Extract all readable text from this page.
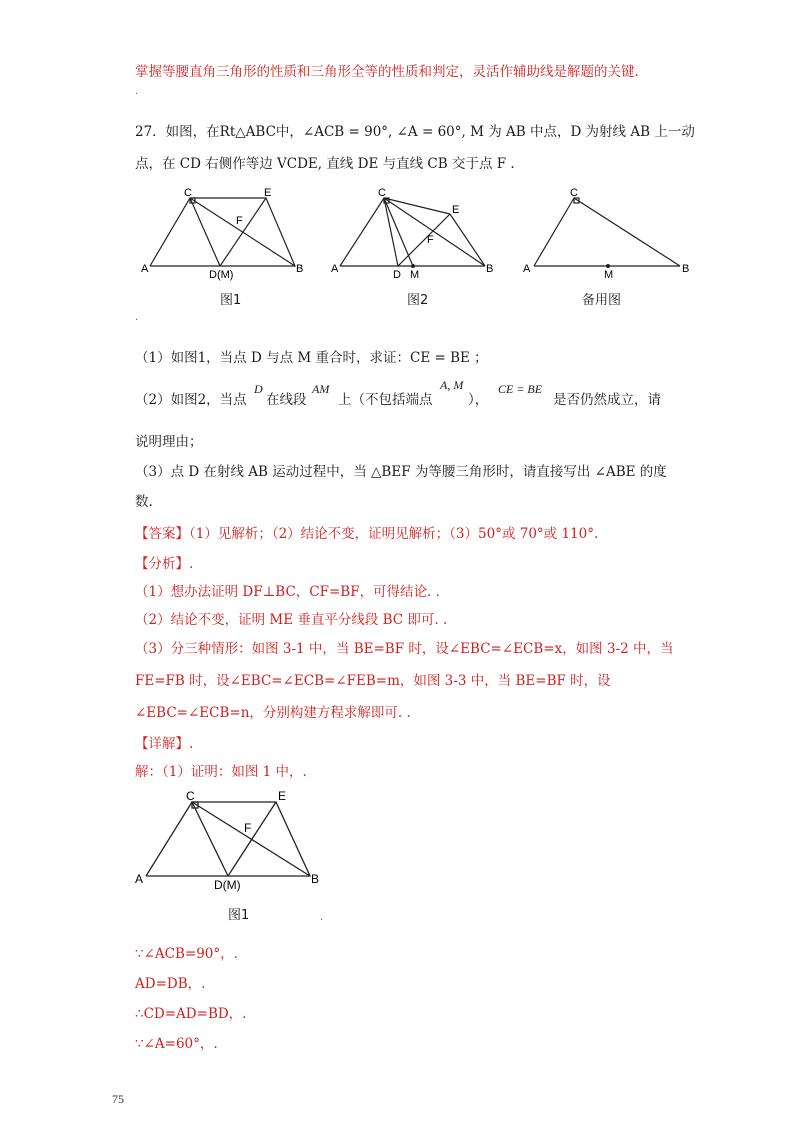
掌握等腰直角三角形的性质和三角形全等的性质和判定，灵活作辅助线是解题的关键.
.
27．如图，在Rt△ABC中，∠ACB = 90°, ∠A = 60°, M 为 AB 中点，D 为射线 AB 上一动
点，在 CD 右侧作等边 VCDE, 直线 DE 与直线 CB 交于点 F .
C	E
F
A	D(M)	B
图1
C
E
F
A	D M	B
图2
C
A	M	B
备用图
.
（1）如图1，当点 D 与点 M 重合时，求证：CE = BE ；
（2）如图2，当点
D
在线段
AM
上（不包括端点
A, M
），
CE = BE
是否仍然成立，请
说明理由；
（3）点 D 在射线 AB 运动过程中，当 △BEF 为等腰三角形时，请直接写出 ∠ABE 的度
数.
【答案】（1）见解析；（2）结论不变，证明见解析；（3）50°或 70°或 110°.
【分析】.
（1）想办法证明 DF⊥BC，CF=BF，可得结论. .
（2）结论不变，证明 ME 垂直平分线段 BC 即可. .
（3）分三种情形：如图 3-1 中，当 BE=BF 时，设∠EBC=∠ECB=x，如图 3-2 中，当
FE=FB 时，设∠EBC=∠ECB=∠FEB=m，如图 3-3 中，当 BE=BF 时，设
∠EBC=∠ECB=n，分别构建方程求解即可. .
【详解】.
解：（1）证明：如图 1 中，.
C	E
F
A	D(M)	B
图1	.
∵∠ACB=90°，.
AD=DB，.
∴CD=AD=BD，.
∵∠A=60°，.
75
